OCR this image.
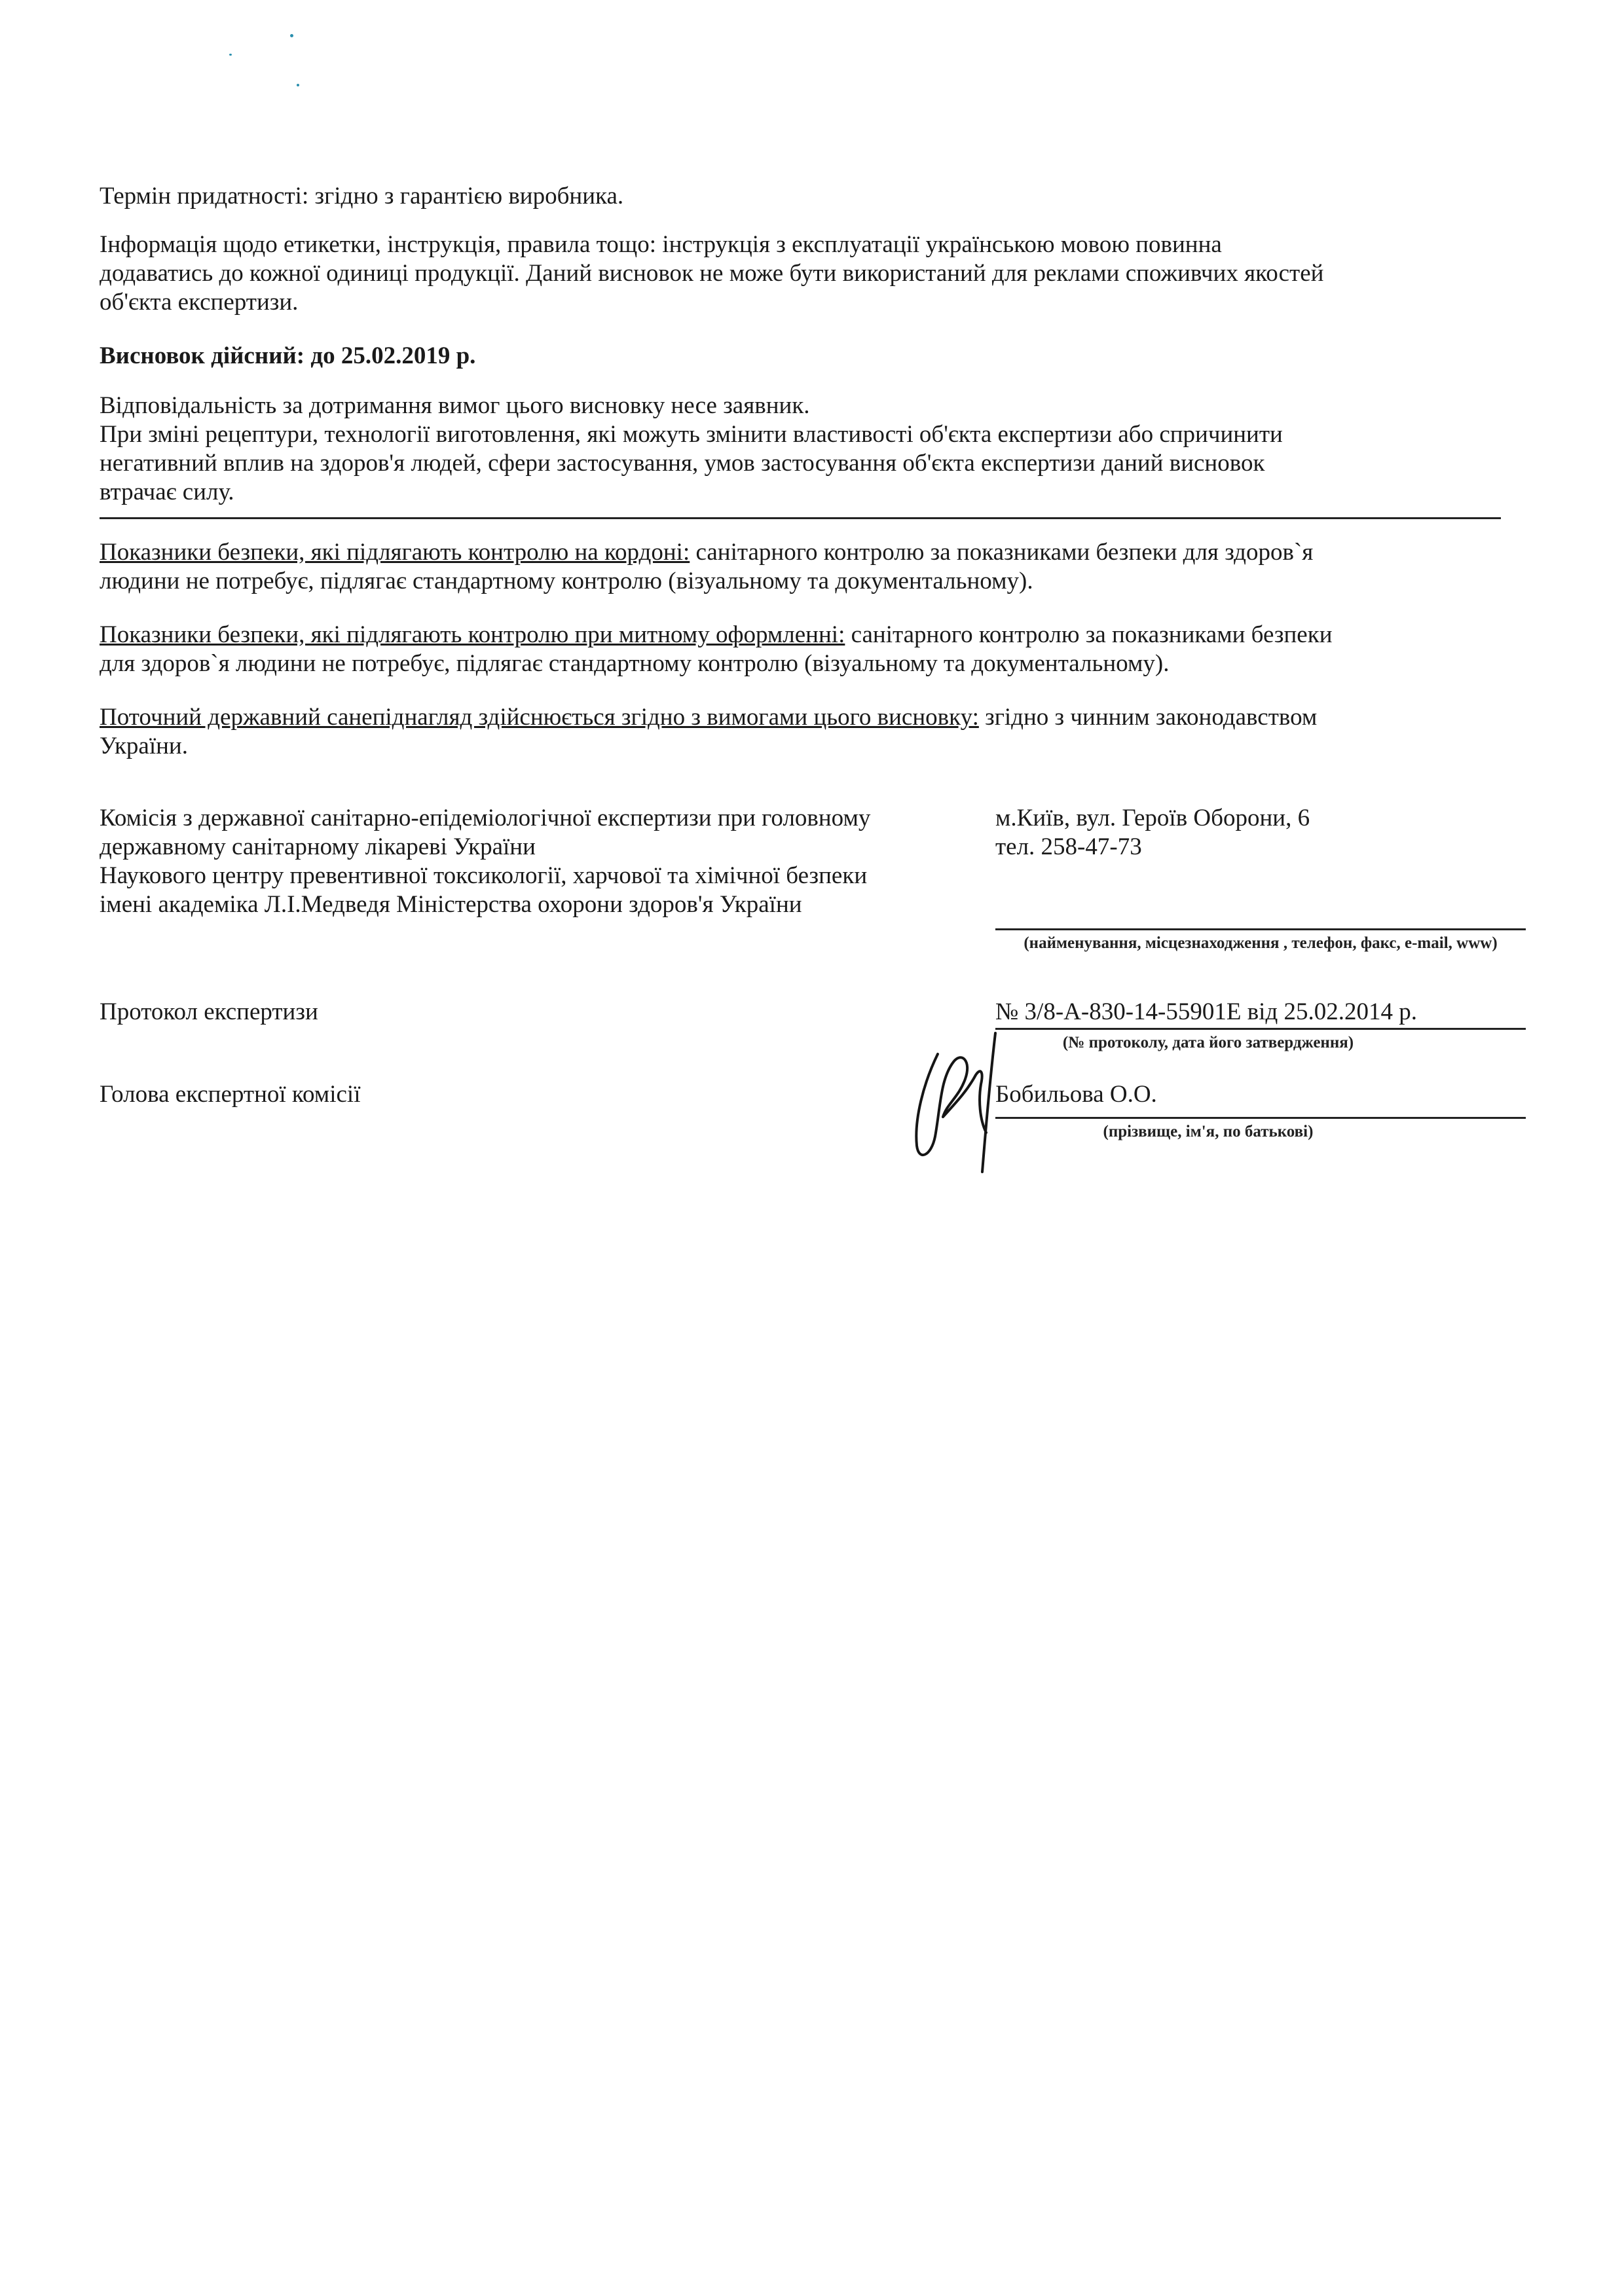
Термін придатності: згідно з гарантією виробника.

Інформація щодо етикетки, інструкція, правила тощо: інструкція з експлуатації українською мовою повинна
додаватись до кожної одиниці продукції. Даний висновок не може бути використаний для реклами споживчих якостей
об'єкта експертизи.

Висновок дійсний: до 25.02.2019 р.

Відповідальність за дотримання вимог цього висновку несе заявник.
При зміні рецептури, технології виготовлення, які можуть змінити властивості об'єкта експертизи або спричинити
негативний вплив на здоров'я людей, сфери застосування, умов застосування об'єкта експертизи даний висновок
втрачає силу.
Показники безпеки, які підлягають контролю на кордоні: санітарного контролю за показниками безпеки для здоров`я
людини не потребує, підлягає стандартному контролю (візуальному та документальному).
Показники безпеки, які підлягають контролю при митному оформленні: санітарного контролю за показниками безпеки
для здоров`я людини не потребує, підлягає стандартному контролю (візуальному та документальному).
Поточний державний санепіднагляд здійснюється згідно з вимогами цього висновку: згідно з чинним законодавством
України.
Комісія з державної санітарно-епідеміологічної експертизи при головному
державному санітарному лікареві України
Наукового центру превентивної токсикології, харчової та хімічної безпеки
імені академіка Л.І.Медведя Міністерства охорони здоров'я України
м.Київ, вул. Героїв Оборони, 6
тел. 258-47-73
(найменування, місцезнаходження , телефон, факс, e-mail, www)

Протокол експертизи	№ 3/8-А-830-14-55901Е від 25.02.2014 р.
(№ протоколу, дата його затвердження)

Голова експертної комісії	Бобильова О.О.
(прізвище, ім'я, по батькові)
